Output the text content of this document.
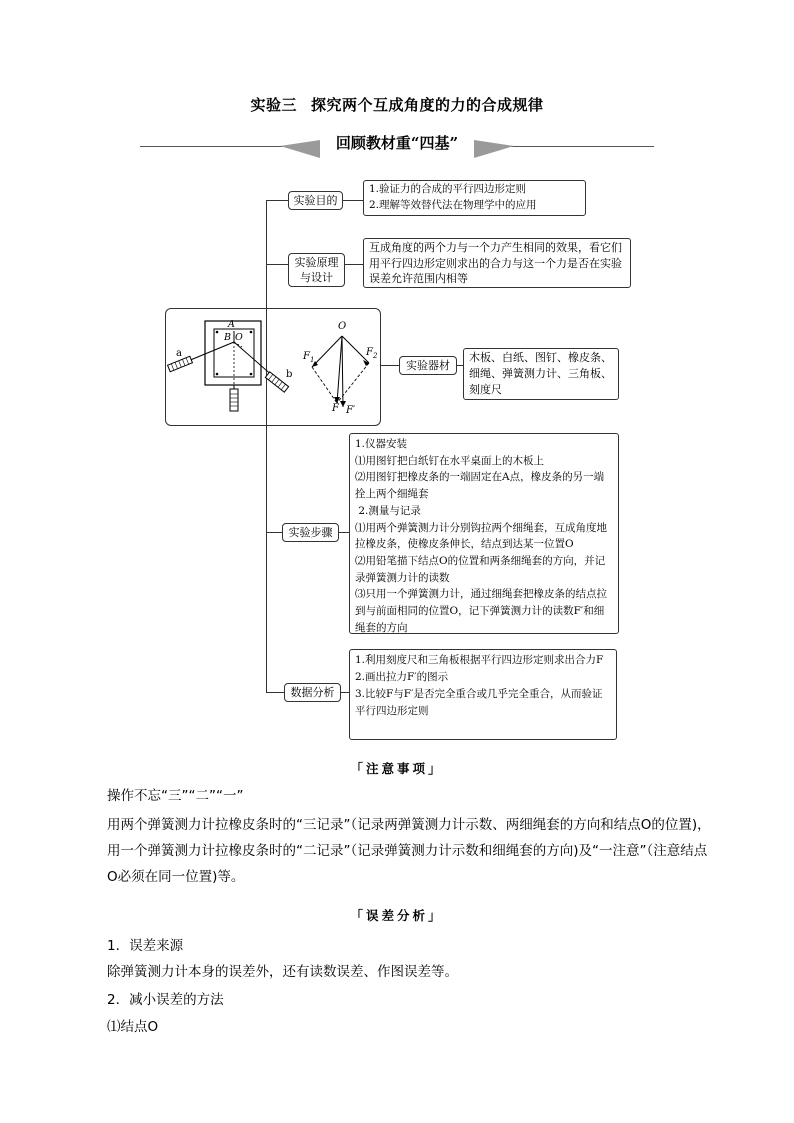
实验三 探究两个互成角度的力的合成规律
回顾教材重“四基”
实验目的
1.验证力的合成的平行四边形定则
2.理解等效替代法在物理学中的应用
实验原理
与设计
互成角度的两个力与一个力产生相同的效果，看它们用平行四边形定则求出的合力与这一个力是否在实验误差允许范围内相等
a
b
A
B O
O
$F_1$
$F_2$
F F′
实验器材
木板、白纸、图钉、橡皮条、细绳、弹簧测力计、三角板、刻度尺
实验步骤
1.仪器安装
⑴用图钉把白纸钉在水平桌面上的木板上
⑵用图钉把橡皮条的一端固定在A点，橡皮条的另一端拴上两个细绳套
2.测量与记录
⑴用两个弹簧测力计分别钩拉两个细绳套，互成角度地拉橡皮条，使橡皮条伸长，结点到达某一位置O
⑵用铅笔描下结点O的位置和两条细绳套的方向，并记录弹簧测力计的读数
⑶只用一个弹簧测力计，通过细绳套把橡皮条的结点拉到与前面相同的位置O，记下弹簧测力计的读数F′和细绳套的方向
数据分析
1.利用刻度尺和三角板根据平行四边形定则求出合力F
2.画出拉力F′的图示
3.比较F与F′是否完全重合或几乎完全重合，从而验证平行四边形定则
「注意事项」
操作不忘“三”“二”“一”
用两个弹簧测力计拉橡皮条时的“三记录”（记录两弹簧测力计示数、两细绳套的方向和结点O的位置)，用一个弹簧测力计拉橡皮条时的“二记录”（记录弹簧测力计示数和细绳套的方向)及“一注意”（注意结点O必须在同一位置)等。
「误差分析」
1．误差来源
除弹簧测力计本身的误差外，还有读数误差、作图误差等。
2．减小误差的方法
⑴结点O
